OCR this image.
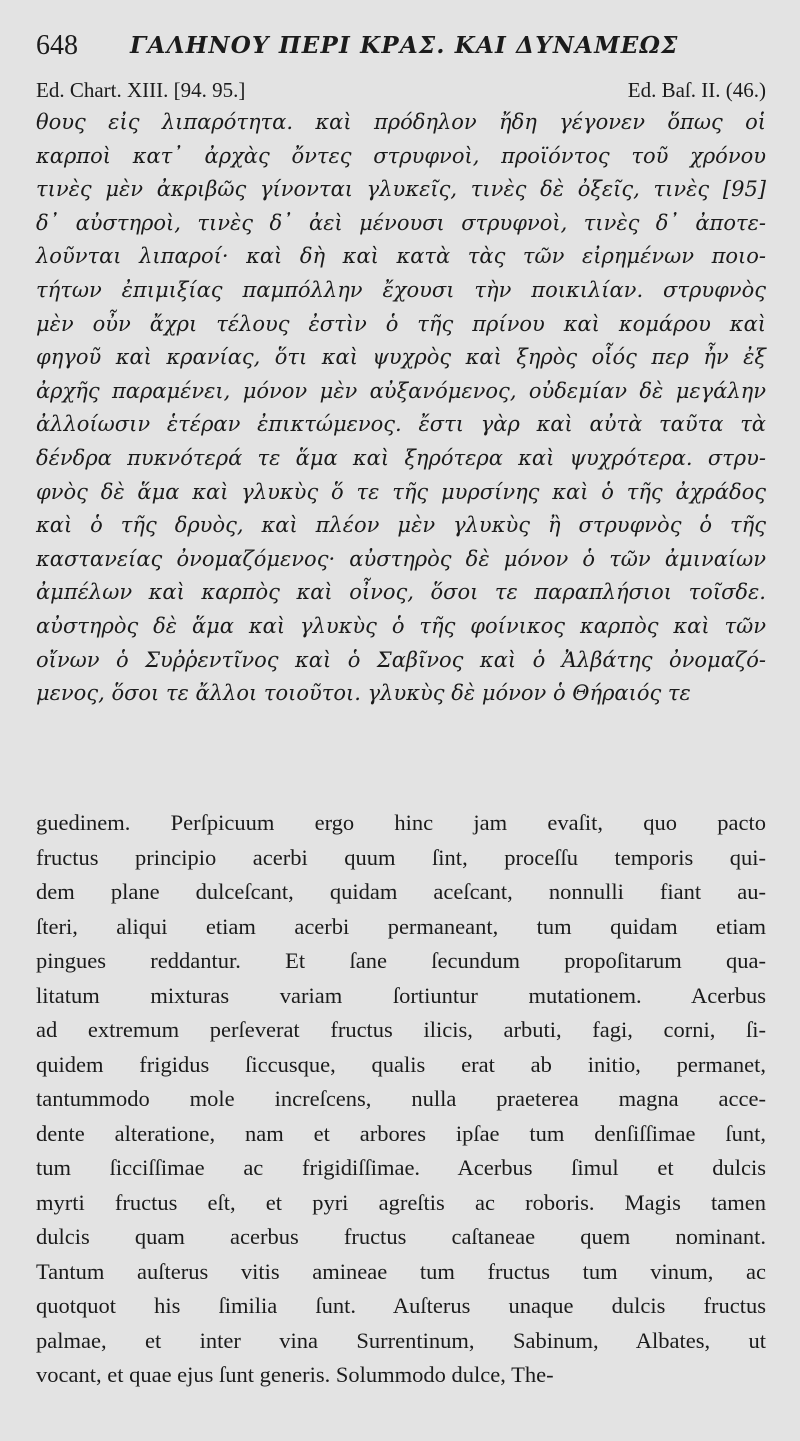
648 ΓΑΛΗΝΟΥ ΠΕΡΙ ΚΡΑΣ. ΚΑΙ ΔΥΝΑΜΕΩΣ
Ed. Chart. XIII. [94. 95.]	Ed. Baſ. II. (46.)
θους εἰς λιπαρότητα. καὶ πρόδηλον ἤδη γέγονεν ὅπως οἱ
καρποὶ κατ᾽ ἀρχὰς ὄντες στρυφνοὶ, προϊόντος τοῦ χρόνου
τινὲς μὲν ἀκριβῶς γίνονται γλυκεῖς, τινὲς δὲ ὀξεῖς, τινὲς [95]
δ᾽ αὐστηροὶ, τινὲς δ᾽ ἀεὶ μένουσι στρυφνοὶ, τινὲς δ᾽ ἀποτε-
λοῦνται λιπαροί· καὶ δὴ καὶ κατὰ τὰς τῶν εἰρημένων ποιο-
τήτων ἐπιμιξίας παμπόλλην ἔχουσι τὴν ποικιλίαν. στρυφνὸς
μὲν οὖν ἄχρι τέλους ἐστὶν ὁ τῆς πρίνου καὶ κομάρου καὶ
φηγοῦ καὶ κρανίας, ὅτι καὶ ψυχρὸς καὶ ξηρὸς οἷός περ ἦν ἐξ
ἀρχῆς παραμένει, μόνον μὲν αὐξανόμενος, οὐδεμίαν δὲ μεγάλην
ἀλλοίωσιν ἑτέραν ἐπικτώμενος. ἔστι γὰρ καὶ αὐτὰ ταῦτα τὰ
δένδρα πυκνότερά τε ἅμα καὶ ξηρότερα καὶ ψυχρότερα. στρυ-
φνὸς δὲ ἅμα καὶ γλυκὺς ὅ τε τῆς μυρσίνης καὶ ὁ τῆς ἀχράδος
καὶ ὁ τῆς δρυὸς, καὶ πλέον μὲν γλυκὺς ἢ στρυφνὸς ὁ τῆς
καστανείας ὀνομαζόμενος· αὐστηρὸς δὲ μόνον ὁ τῶν ἀμιναίων
ἀμπέλων καὶ καρπὸς καὶ οἶνος, ὅσοι τε παραπλήσιοι τοῖσδε.
αὐστηρὸς δὲ ἅμα καὶ γλυκὺς ὁ τῆς φοίνικος καρπὸς καὶ τῶν
οἴνων ὁ Συῤῥεντῖνος καὶ ὁ Σαβῖνος καὶ ὁ Ἀλβάτης ὀνομαζό-
μενος, ὅσοι τε ἄλλοι τοιοῦτοι. γλυκὺς δὲ μόνον ὁ Θήραιός τε
guedinem. Perſpicuum ergo hinc jam evaſit, quo pacto
fructus principio acerbi quum ſint, proceſſu temporis qui-
dem plane dulceſcant, quidam aceſcant, nonnulli fiant au-
ſteri, aliqui etiam acerbi permaneant, tum quidam etiam
pingues reddantur. Et ſane ſecundum propoſitarum qua-
litatum mixturas variam ſortiuntur mutationem. Acerbus
ad extremum perſeverat fructus ilicis, arbuti, fagi, corni, ſi-
quidem frigidus ſiccusque, qualis erat ab initio, permanet,
tantummodo mole increſcens, nulla praeterea magna acce-
dente alteratione, nam et arbores ipſae tum denſiſſimae ſunt,
tum ſicciſſimae ac frigidiſſimae. Acerbus ſimul et dulcis
myrti fructus eſt, et pyri agreſtis ac roboris. Magis tamen
dulcis quam acerbus fructus caſtaneae quem nominant.
Tantum auſterus vitis amineae tum fructus tum vinum, ac
quotquot his ſimilia ſunt. Auſterus unaque dulcis fructus
palmae, et inter vina Surrentinum, Sabinum, Albates, ut
vocant, et quae ejus ſunt generis. Solummodo dulce, The-
